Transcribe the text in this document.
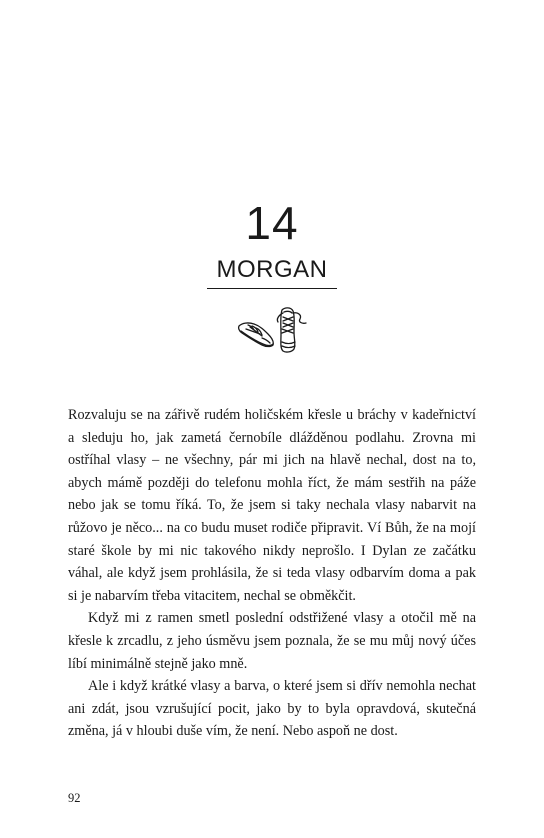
14
MORGAN

Rozvaluju se na zářivě rudém holičském křesle u bráchy v kadeřnictví a sleduju ho, jak zametá černobíle dlážděnou podlahu. Zrovna mi ostříhal vlasy – ne všechny, pár mi jich na hlavě nechal, dost na to, abych mámě později do telefonu mohla říct, že mám sestřih na páže nebo jak se tomu říká. To, že jsem si taky nechala vlasy nabarvit na růžovo je něco... na co budu muset rodiče připravit. Ví Bůh, že na mojí staré škole by mi nic takového nikdy neprošlo. I Dylan ze začátku váhal, ale když jsem prohlásila, že si teda vlasy odbarvím doma a pak si je nabarvím třeba vitacitem, nechal se obměkčit.

Když mi z ramen smetl poslední odstřižené vlasy a otočil mě na křesle k zrcadlu, z jeho úsměvu jsem poznala, že se mu můj nový účes líbí minimálně stejně jako mně.

Ale i když krátké vlasy a barva, o které jsem si dřív nemohla nechat ani zdát, jsou vzrušující pocit, jako by to byla opravdová, skutečná změna, já v hloubi duše vím, že není. Nebo aspoň ne dost.

92
